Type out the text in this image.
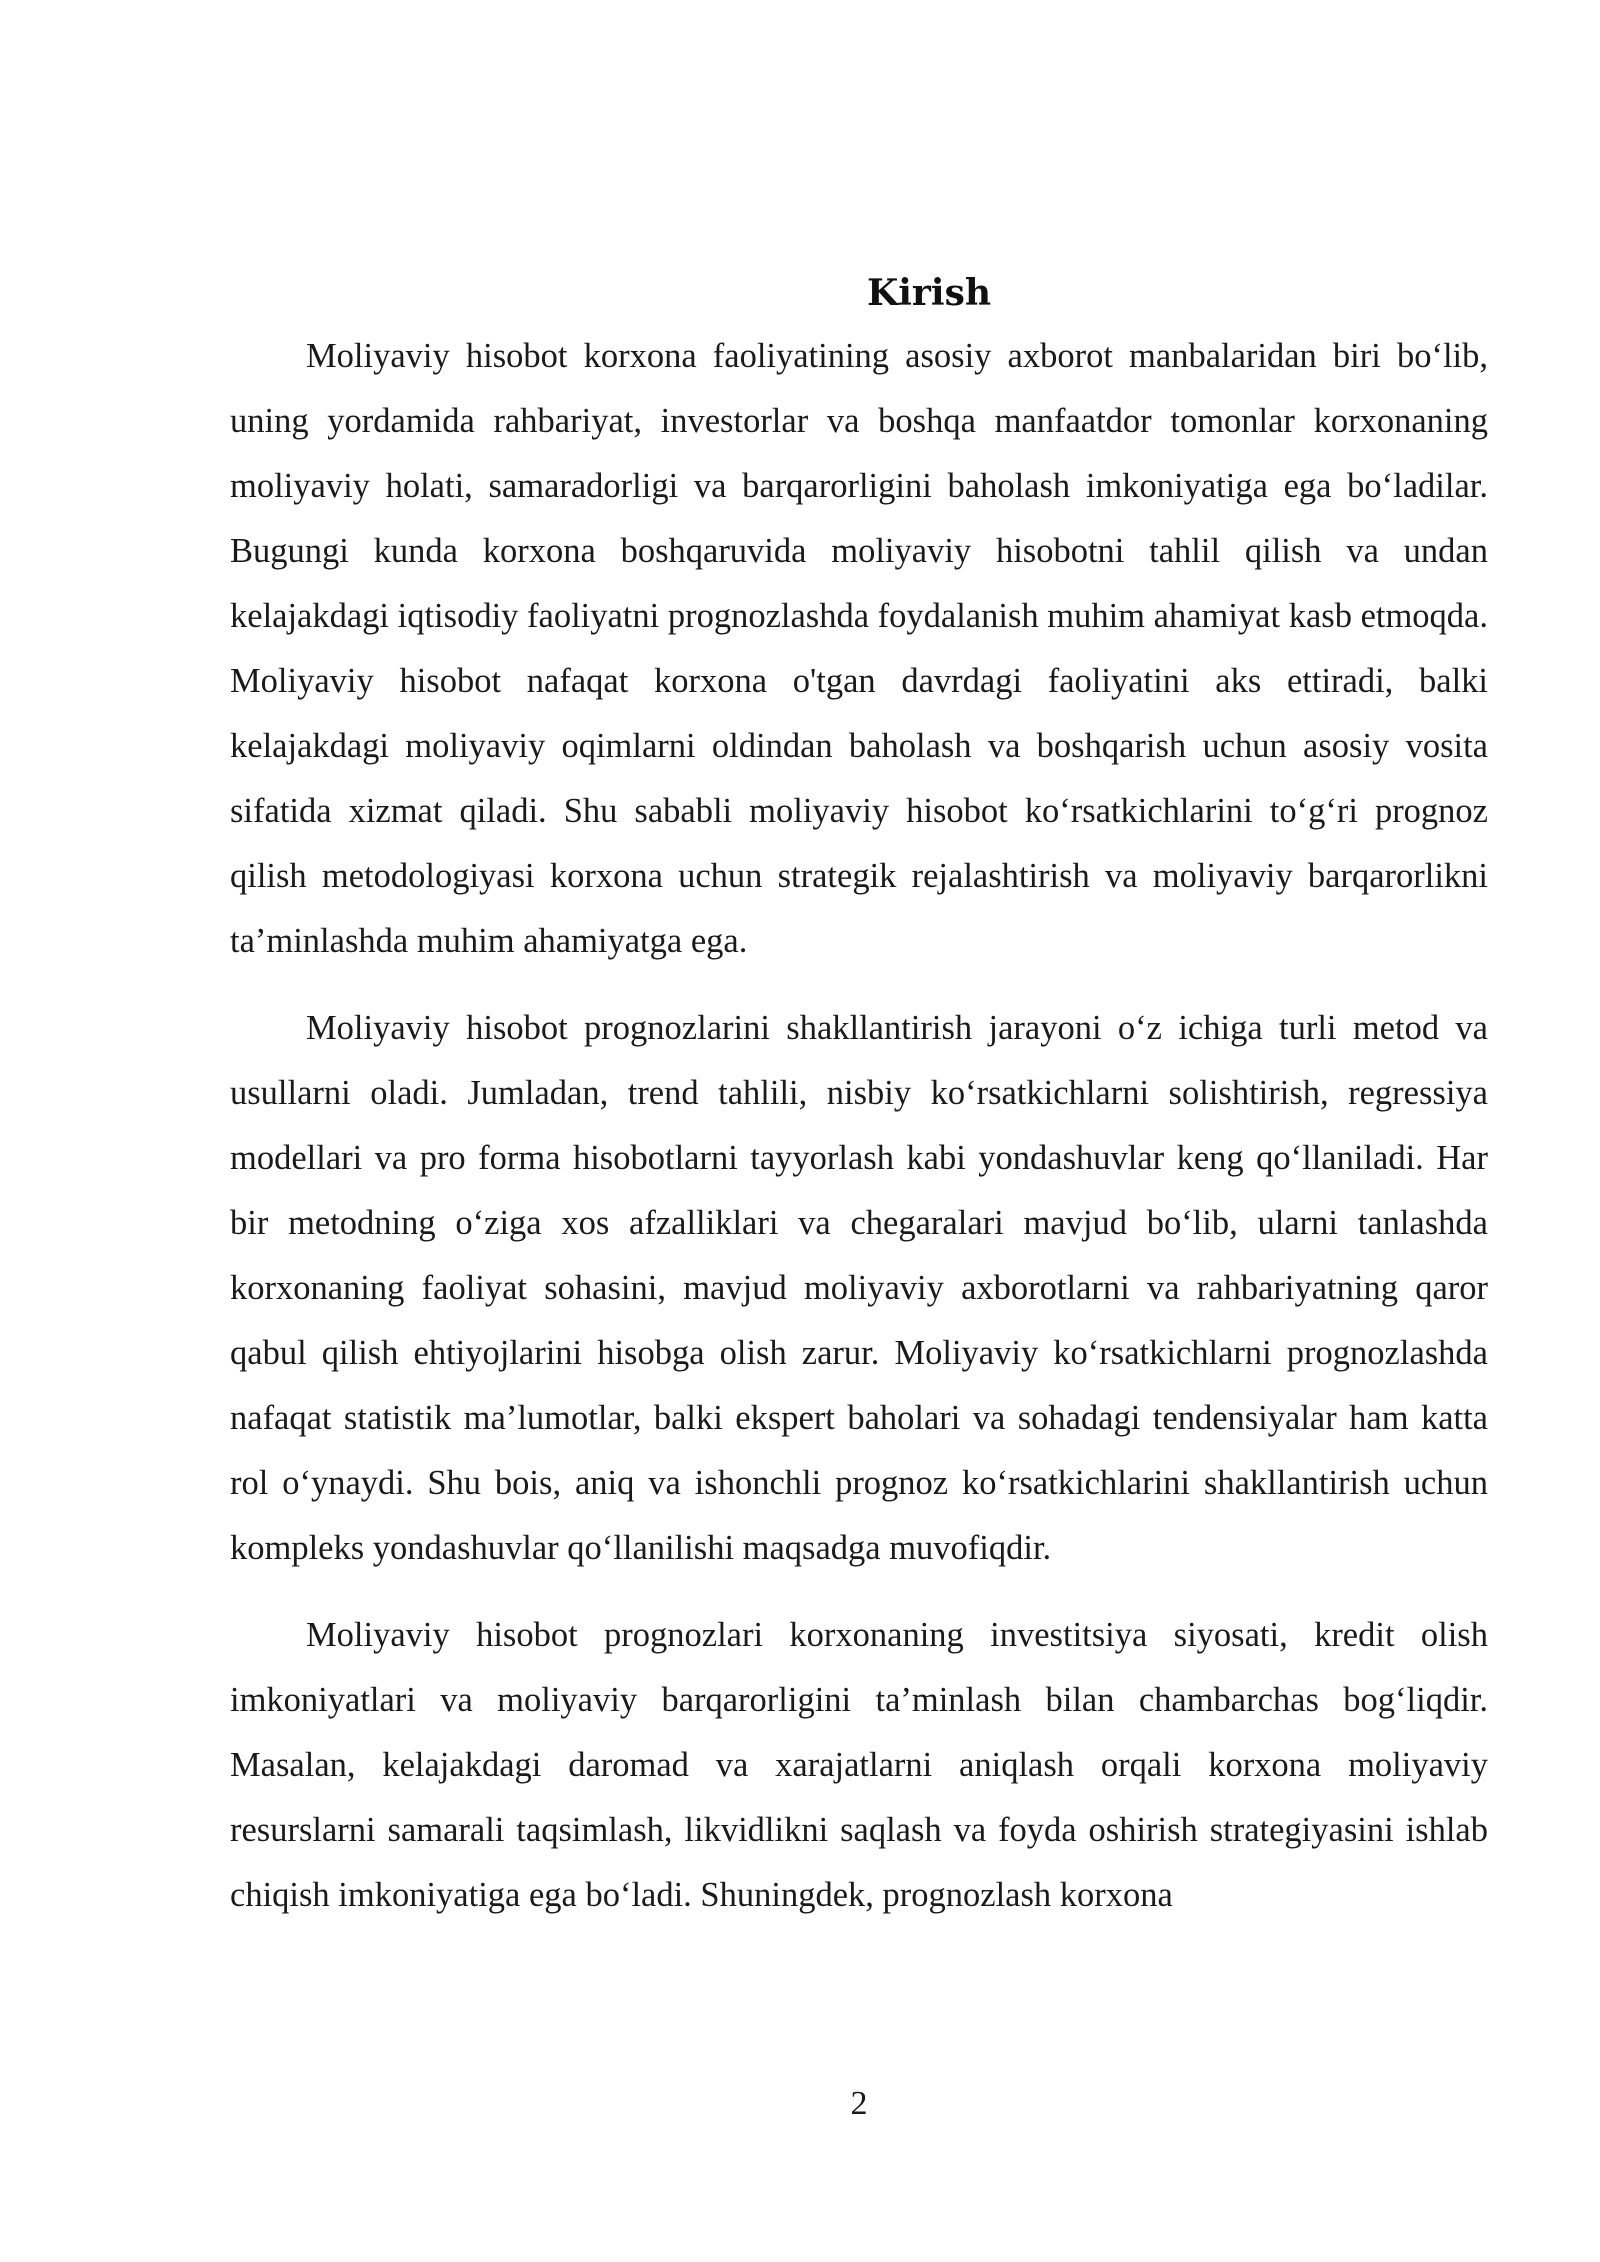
Kirish

Moliyaviy hisobot korxona faoliyatining asosiy axborot manbalaridan biri bo‘lib, uning yordamida rahbariyat, investorlar va boshqa manfaatdor tomonlar korxonaning moliyaviy holati, samaradorligi va barqarorligini baholash imkoniyatiga ega bo‘ladilar. Bugungi kunda korxona boshqaruvida moliyaviy hisobotni tahlil qilish va undan kelajakdagi iqtisodiy faoliyatni prognozlashda foydalanish muhim ahamiyat kasb etmoqda. Moliyaviy hisobot nafaqat korxona o'tgan davrdagi faoliyatini aks ettiradi, balki kelajakdagi moliyaviy oqimlarni oldindan baholash va boshqarish uchun asosiy vosita sifatida xizmat qiladi. Shu sababli moliyaviy hisobot ko‘rsatkichlarini to‘g‘ri prognoz qilish metodologiyasi korxona uchun strategik rejalashtirish va moliyaviy barqarorlikni ta’minlashda muhim ahamiyatga ega.

Moliyaviy hisobot prognozlarini shakllantirish jarayoni o‘z ichiga turli metod va usullarni oladi. Jumladan, trend tahlili, nisbiy ko‘rsatkichlarni solishtirish, regressiya modellari va pro forma hisobotlarni tayyorlash kabi yondashuvlar keng qo‘llaniladi. Har bir metodning o‘ziga xos afzalliklari va chegaralari mavjud bo‘lib, ularni tanlashda korxonaning faoliyat sohasini, mavjud moliyaviy axborotlarni va rahbariyatning qaror qabul qilish ehtiyojlarini hisobga olish zarur. Moliyaviy ko‘rsatkichlarni prognozlashda nafaqat statistik ma’lumotlar, balki ekspert baholari va sohadagi tendensiyalar ham katta rol o‘ynaydi. Shu bois, aniq va ishonchli prognoz ko‘rsatkichlarini shakllantirish uchun kompleks yondashuvlar qo‘llanilishi maqsadga muvofiqdir.

Moliyaviy hisobot prognozlari korxonaning investitsiya siyosati, kredit olish imkoniyatlari va moliyaviy barqarorligini ta’minlash bilan chambarchas bog‘liqdir. Masalan, kelajakdagi daromad va xarajatlarni aniqlash orqali korxona moliyaviy resurslarni samarali taqsimlash, likvidlikni saqlash va foyda oshirish strategiyasini ishlab chiqish imkoniyatiga ega bo‘ladi. Shuningdek, prognozlash korxona

2
